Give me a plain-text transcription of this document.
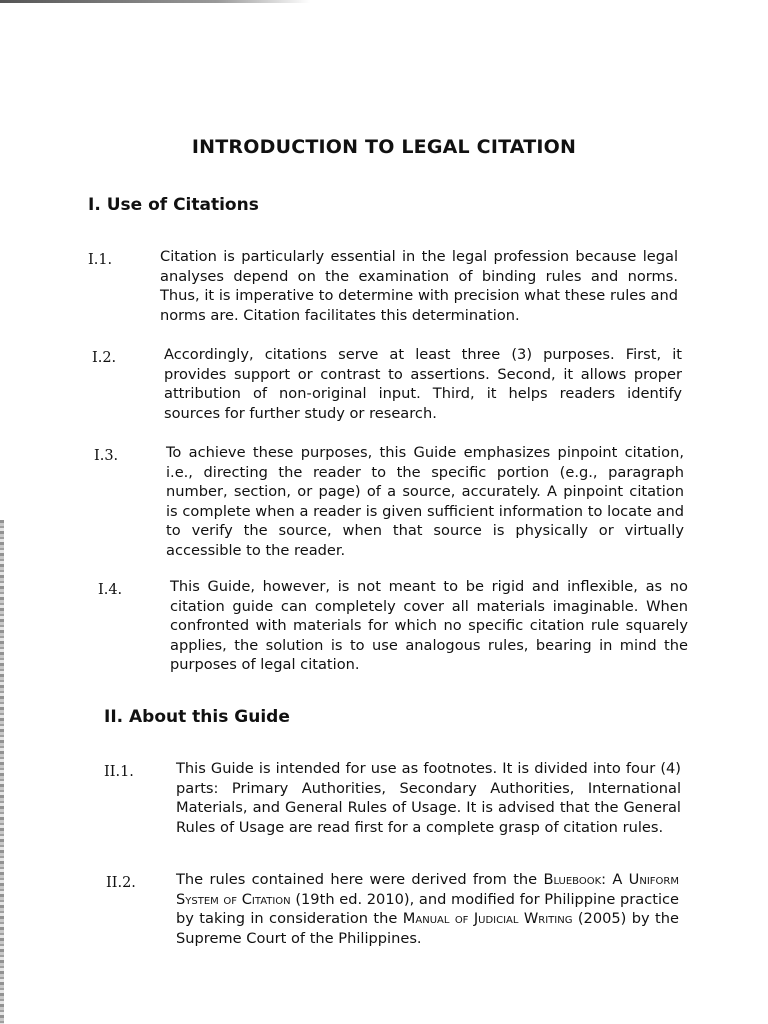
INTRODUCTION TO LEGAL CITATION
I. Use of Citations
I.1.	Citation is particularly essential in the legal profession because legal analyses depend on the examination of binding rules and norms. Thus, it is imperative to determine with precision what these rules and norms are. Citation facilitates this determination.
I.2.	Accordingly, citations serve at least three (3) purposes. First, it provides support or contrast to assertions. Second, it allows proper attribution of non-original input. Third, it helps readers identify sources for further study or research.
I.3.	To achieve these purposes, this Guide emphasizes pinpoint citation, i.e., directing the reader to the specific portion (e.g., paragraph number, section, or page) of a source, accurately. A pinpoint citation is complete when a reader is given sufficient information to locate and to verify the source, when that source is physically or virtually accessible to the reader.
I.4.	This Guide, however, is not meant to be rigid and inflexible, as no citation guide can completely cover all materials imaginable. When confronted with materials for which no specific citation rule squarely applies, the solution is to use analogous rules, bearing in mind the purposes of legal citation.
II. About this Guide
II.1.	This Guide is intended for use as footnotes. It is divided into four (4) parts: Primary Authorities, Secondary Authorities, International Materials, and General Rules of Usage. It is advised that the General Rules of Usage are read first for a complete grasp of citation rules.
II.2.	The rules contained here were derived from the Bluebook: A Uniform System of Citation (19th ed. 2010), and modified for Philippine practice by taking in consideration the Manual of Judicial Writing (2005) by the Supreme Court of the Philippines.
